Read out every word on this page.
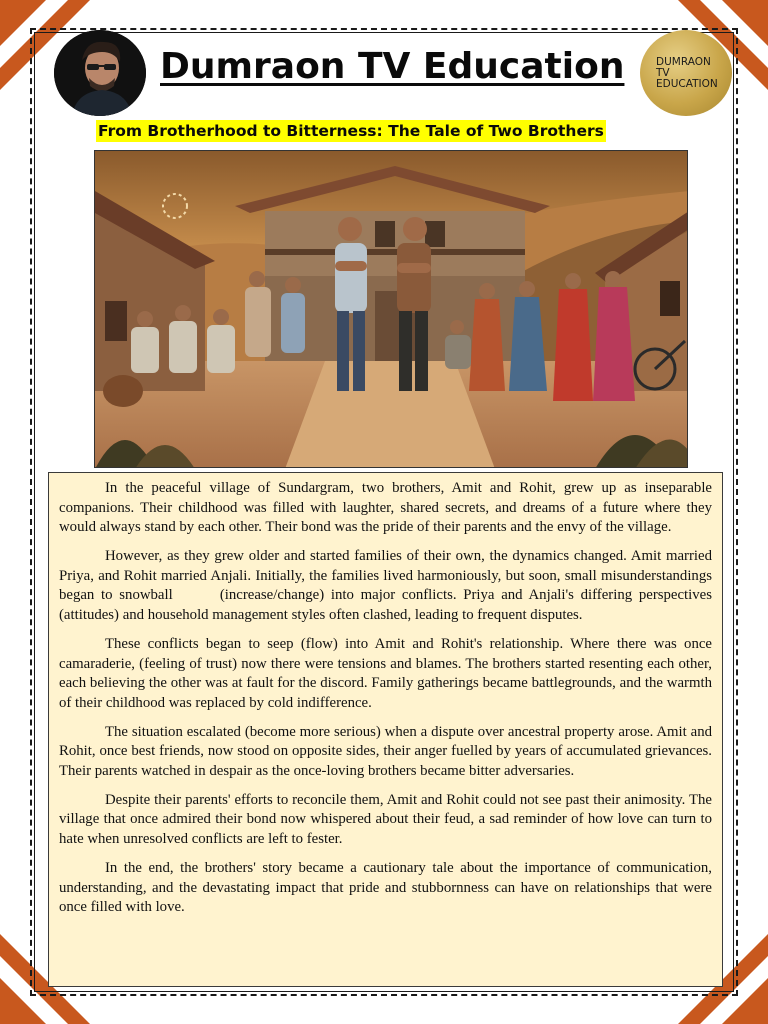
Dumraon TV Education	DUMRAON
TV
EDUCATION
From Brotherhood to Bitterness: The Tale of Two Brothers

In the peaceful village of Sundargram, two brothers, Amit and Rohit, grew up as inseparable companions. Their childhood was filled with laughter, shared secrets, and dreams of a future where they would always stand by each other. Their bond was the pride of their parents and the envy of the village.

However, as they grew older and started families of their own, the dynamics changed. Amit married Priya, and Rohit married Anjali. Initially, the families lived harmoniously, but soon, small misunderstandings began to snowball       (increase/change) into major conflicts. Priya and Anjali's differing perspectives (attitudes) and household management styles often clashed, leading to frequent disputes.

These conflicts began to seep (flow) into Amit and Rohit's relationship. Where there was once camaraderie, (feeling of trust) now there were tensions and blames. The brothers started resenting each other, each believing the other was at fault for the discord. Family gatherings became battlegrounds, and the warmth of their childhood was replaced by cold indifference.

The situation escalated (become more serious) when a dispute over ancestral property arose. Amit and Rohit, once best friends, now stood on opposite sides, their anger fuelled by years of accumulated grievances. Their parents watched in despair as the once-loving brothers became bitter adversaries.

Despite their parents' efforts to reconcile them, Amit and Rohit could not see past their animosity. The village that once admired their bond now whispered about their feud, a sad reminder of how love can turn to hate when unresolved conflicts are left to fester.

In the end, the brothers' story became a cautionary tale about the importance of communication, understanding, and the devastating impact that pride and stubbornness can have on relationships that were once filled with love.
